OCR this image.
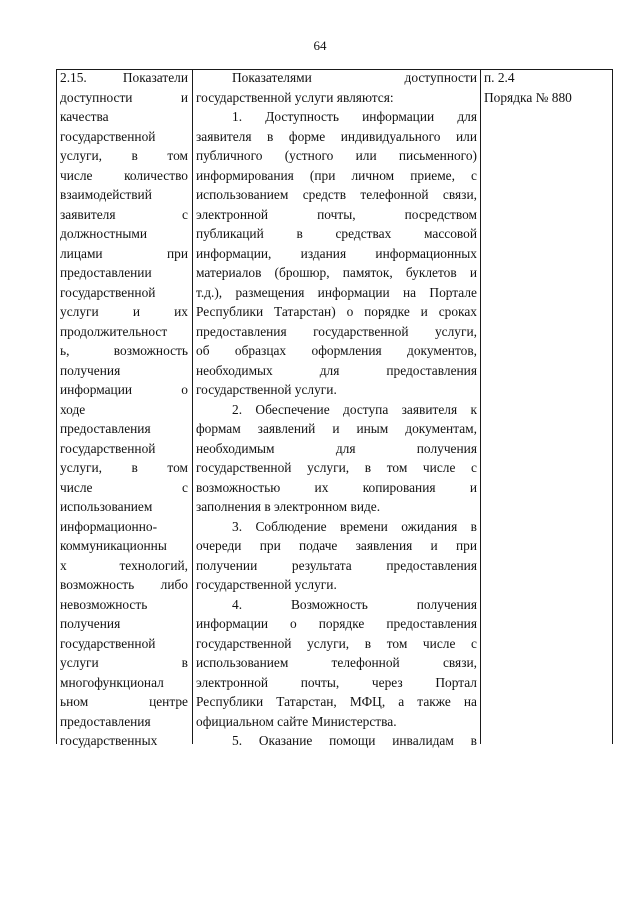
64
2.15. Показатели
доступности и
качества
государственной
услуги, в том
числе количество
взаимодействий
заявителя с
должностными
лицами при
предоставлении
государственной
услуги и их
продолжительност
ь, возможность
получения
информации о
ходе
предоставления
государственной
услуги, в том
числе с
использованием
информационно-
коммуникационны
х технологий,
возможность либо
невозможность
получения
государственной
услуги в
многофункционал
ьном центре
предоставления
государственных
Показателями доступности
государственной услуги являются:
1. Доступность информации для
заявителя в форме индивидуального или
публичного (устного или письменного)
информирования (при личном приеме, с
использованием средств телефонной связи,
электронной почты, посредством
публикаций в средствах массовой
информации, издания информационных
материалов (брошюр, памяток, буклетов и
т.д.), размещения информации на Портале
Республики Татарстан) о порядке и сроках
предоставления государственной услуги,
об образцах оформления документов,
необходимых для предоставления
государственной услуги.
2. Обеспечение доступа заявителя к
формам заявлений и иным документам,
необходимым для получения
государственной услуги, в том числе с
возможностью их копирования и
заполнения в электронном виде.
3. Соблюдение времени ожидания в
очереди при подаче заявления и при
получении результата предоставления
государственной услуги.
4. Возможность получения
информации о порядке предоставления
государственной услуги, в том числе с
использованием телефонной связи,
электронной почты, через Портал
Республики Татарстан, МФЦ, а также на
официальном сайте Министерства.
5. Оказание помощи инвалидам в
п. 2.4
Порядка № 880
